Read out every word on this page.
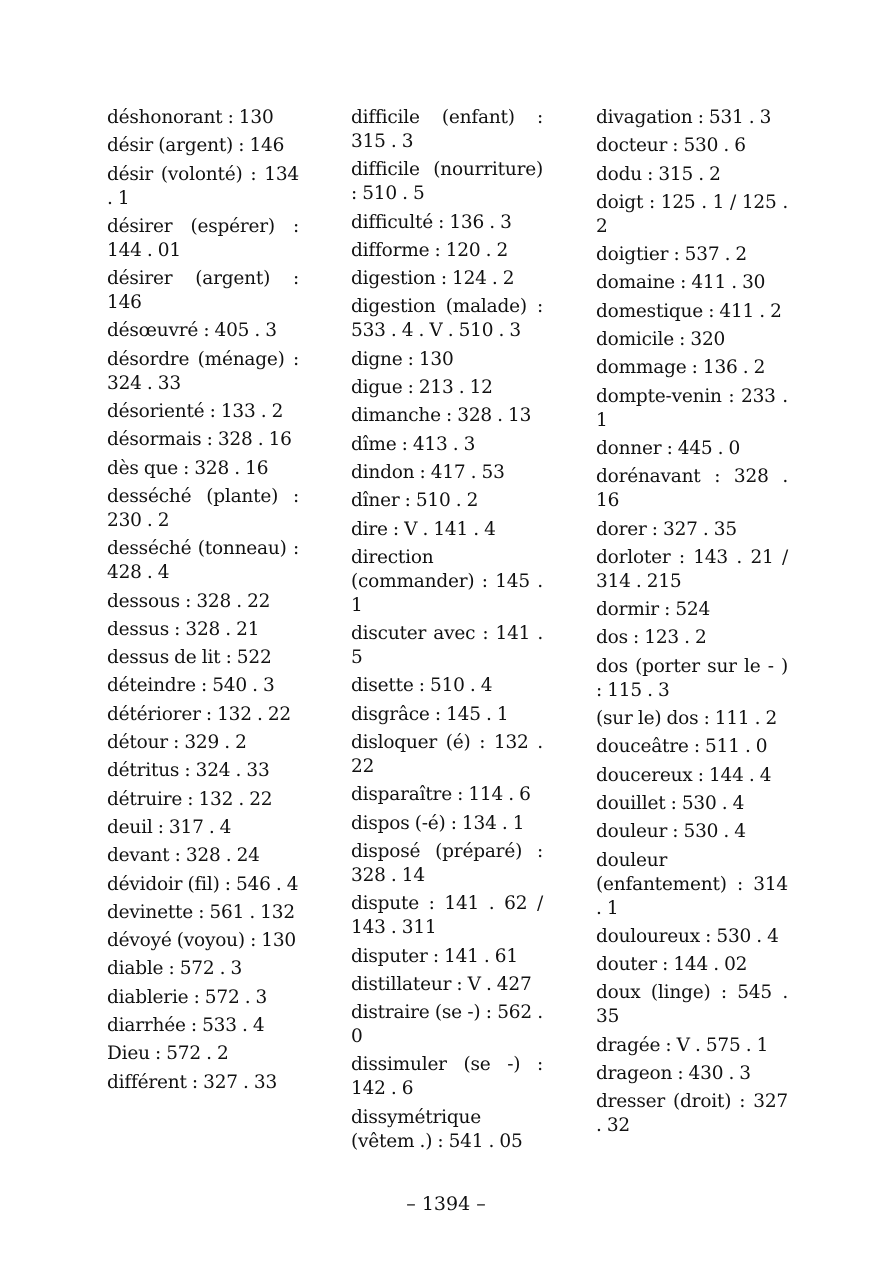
déshonorant : 130
désir (argent) : 146
désir (volonté) : 134 . 1
désirer (espérer) : 144 . 01
désirer (argent) : 146
désœuvré : 405 . 3
désordre (ménage) : 324 . 33
désorienté : 133 . 2
désormais : 328 . 16
dès que : 328 . 16
desséché (plante) : 230 . 2
desséché (tonneau) : 428 . 4
dessous : 328 . 22
dessus : 328 . 21
dessus de lit : 522
déteindre : 540 . 3
détériorer : 132 . 22
détour : 329 . 2
détritus : 324 . 33
détruire : 132 . 22
deuil : 317 . 4
devant : 328 . 24
dévidoir (fil) : 546 . 4
devinette : 561 . 132
dévoyé (voyou) : 130
diable : 572 . 3
diablerie : 572 . 3
diarrhée : 533 . 4
Dieu : 572 . 2
différent : 327 . 33
difficile (enfant) : 315 . 3
difficile (nourriture) : 510 . 5
difficulté : 136 . 3
difforme : 120 . 2
digestion : 124 . 2
digestion (malade) : 533 . 4 . V . 510 . 3
digne : 130
digue : 213 . 12
dimanche : 328 . 13
dîme : 413 . 3
dindon : 417 . 53
dîner : 510 . 2
dire : V . 141 . 4
direction (commander) : 145 . 1
discuter avec : 141 . 5
disette : 510 . 4
disgrâce : 145 . 1
disloquer (é) : 132 . 22
disparaître : 114 . 6
dispos (-é) : 134 . 1
disposé (préparé) : 328 . 14
dispute : 141 . 62 / 143 . 311
disputer : 141 . 61
distillateur : V . 427
distraire (se -) : 562 . 0
dissimuler (se -) : 142 . 6
dissymétrique (vêtem .) : 541 . 05
divagation : 531 . 3
docteur : 530 . 6
dodu : 315 . 2
doigt : 125 . 1 / 125 . 2
doigtier : 537 . 2
domaine : 411 . 30
domestique : 411 . 2
domicile : 320
dommage : 136 . 2
dompte-venin : 233 . 1
donner : 445 . 0
dorénavant : 328 . 16
dorer : 327 . 35
dorloter : 143 . 21 / 314 . 215
dormir : 524
dos : 123 . 2
dos (porter sur le - ) : 115 . 3
(sur le) dos : 111 . 2
douceâtre : 511 . 0
doucereux : 144 . 4
douillet : 530 . 4
douleur : 530 . 4
douleur (enfantement) : 314 . 1
douloureux : 530 . 4
douter : 144 . 02
doux (linge) : 545 . 35
dragée : V . 575 . 1
drageon : 430 . 3
dresser (droit) : 327 . 32
– 1394 –
